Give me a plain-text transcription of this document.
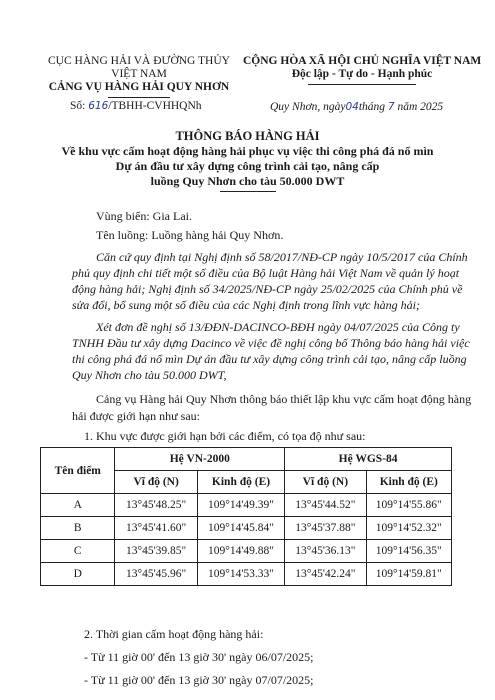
CỤC HÀNG HẢI VÀ ĐƯỜNG THỦY
VIỆT NAM
CẢNG VỤ HÀNG HẢI QUY NHƠN
Số: 616/TBHH-CVHHQNh
CỘNG HÒA XÃ HỘI CHỦ NGHĨA VIỆT NAM
Độc lập - Tự do - Hạnh phúc
Quy Nhơn, ngày04tháng 7 năm 2025
THÔNG BÁO HÀNG HẢI
Về khu vực cấm hoạt động hàng hải phục vụ việc thi công phá đá nổ mìn
Dự án đầu tư xây dựng công trình cải tạo, nâng cấp
luồng Quy Nhơn cho tàu 50.000 DWT
Vùng biển: Gia Lai.
Tên luồng: Luồng hàng hải Quy Nhơn.
Căn cứ quy định tại Nghị định số 58/2017/NĐ-CP ngày 10/5/2017 của Chính
phủ quy định chi tiết một số điều của Bộ luật Hàng hải Việt Nam về quản lý hoạt
động hàng hải; Nghị định số 34/2025/NĐ-CP ngày 25/02/2025 của Chính phủ về
sửa đổi, bổ sung một số điều của các Nghị định trong lĩnh vực hàng hải;
Xét đơn đề nghị số 13/ĐĐN-DACINCO-BĐH ngày 04/07/2025 của Công ty
TNHH Đầu tư xây dựng Dacinco về việc đề nghị công bố Thông báo hàng hải việc
thi công phá đá nổ mìn Dự án đầu tư xây dựng công trình cải tạo, nâng cấp luồng
Quy Nhơn cho tàu 50.000 DWT,
Cảng vụ Hàng hải Quy Nhơn thông báo thiết lập khu vực cấm hoạt động hàng
hải được giới hạn như sau:
1. Khu vực được giới hạn bởi các điểm, có tọa độ như sau:
Tên điểm	Hệ VN-2000		Hệ WGS-84	
	Vĩ độ (N)	Kinh độ (E)	Vĩ độ (N)	Kinh độ (E)
A	13°45'48.25"	109°14'49.39"	13°45'44.52"	109°14'55.86"
B	13°45'41.60"	109°14'45.84"	13°45'37.88"	109°14'52.32"
C	13°45'39.85"	109°14'49.88"	13°45'36.13"	109°14'56.35"
D	13°45'45.96"	109°14'53.33"	13°45'42.24"	109°14'59.81"
2. Thời gian cấm hoạt động hàng hải:
- Từ 11 giờ 00' đến 13 giờ 30' ngày 06/07/2025;
- Từ 11 giờ 00' đến 13 giờ 30' ngày 07/07/2025;
